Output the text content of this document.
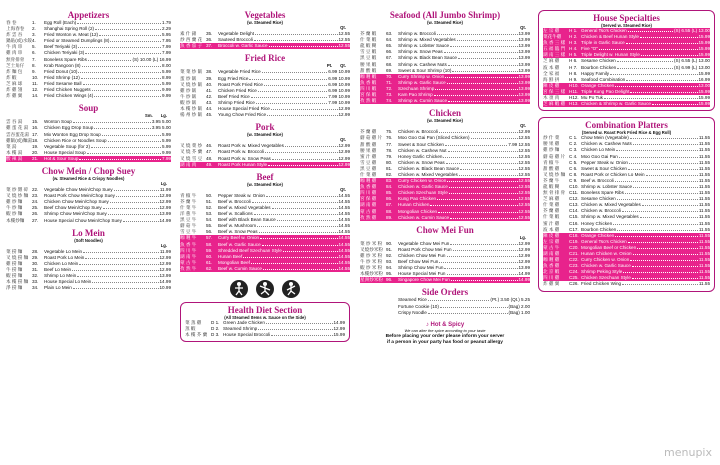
Appetizers
春 卷	1.	Egg Roll (Each)	1.79
上海春卷	2.	Shanghai Spring Roll (2)	2.29
炸 雲 吞	3.	Fried Wonton w. Meat (12)	5.95
鍋貼(或)水餃 4.	Fried or Steamed Dumplings (8)	7.95
牛 肉 串	5.	Beef Teriyaki (3)	7.99
雞 肉 串	6.	Chicken Teriyaki (3)	7.99
無骨排骨	7.	Boneless Spare Ribs	(S) 10.00 (L) 16.99
芝士角仔	8.	Krab Rangoon (8)	8.00
炸 麵 包	9.	Fried Donut (10)	5.99
炸 蝦	10.	Fried Shrimp (12)	8.99
芝 麻 球	11.	Fried Sesame Ball	5.99
炸 雞 翅	12.	Fried Chicken Nuggets	9.99
炸 雞 翼	14.	Fried Chicken Wings (4)	9.99
Soup
Sm. Lg.
雲 吞 湯	15.	Wonton Soup	3.95 5.00
雞 蛋 花 湯 16.	Chicken Egg Drop Soup	3.95 5.00
雲吞蛋花湯 17.	Mix Wonton Egg Drop Soup	5.99
雞飯(或)麵湯 18.	Chicken Rice or Noodles Soup	5.99
菜 湯	19.	Vegetable Soup (for 2)	5.99
本 樓 湯	20.	House Special Soup	9.99
酸 辣 湯	21.	Hot & Sour Soup	7.99
Chow Mein / Chop Suey
(w. Steamed Rice & Crispy Noodles)
Lg.
菜 炒 雜 碎 22.	Vegetable Chow Mein/Chop Suey	11.99
叉 燒 炒 麵 23.	Roast Pork Chow Mein/Chop Suey	12.99
雞 炒 麵	24.	Chicken Chow Mein/Chop Suey	12.99
牛 炒 麵	25.	Beef Chow Mein/Chop Suey	12.99
蝦 炒 麵	26.	Shrimp Chow Mein/Chop Suey	13.99
本樓炒麵	27.	House Special Chow Mein/Chop Suey	14.99
Lo Mein
(Soft Noodles)
Lg.
菜 撈 麵	28.	Vegetable Lo Mein	11.99
叉 燒 撈 麵 29.	Roast Pork Lo Mein	12.99
雞 撈 麵	30.	Chicken Lo Mein	12.99
牛 撈 麵	31.	Beef Lo Mein	12.99
蝦 撈 麵	32.	Shrimp Lo Mein	13.99
本 樓 撈 麵 33.	House Special Lo Mein	14.99
淨 撈 麵	34.	Plain Lo Mein	10.99
Vegetables
(w. Steamed Rice)
Qt.
素 什 錦	35.	Vegetable Delight	12.55
炒 西 蘭 花 36.	Sauteed Broccoli	12.55
魚 香 茄 子 37.	Broccoli w. Garlic Sauce	12.55
Fried Rice
Pt. Qt.
菜 菜 炒 飯 38.	Vegetable Fried Rice	6.99 10.99
蛋 炒 飯	39.	Egg Fried Rice	6.99 10.99
叉 燒 炒 飯 40.	Roast Pork Fried Rice	6.99 10.99
雞 炒 飯	41.	Chicken Fried Rice	6.99 10.99
牛 炒 飯	42.	Beef Fried Rice	7.99 10.99
蝦 炒 飯	43.	Shrimp Fried Rice	7.99 10.99
本 樓 炒 飯 44.	House Special Fried Rice	12.99
楊 州 炒 飯 45.	Young Chow Fried Rice	12.99
Pork
(w. Steamed Rice)
Qt.
叉 燒 菜 炒 46.	Roast Pork w. Mixed Vegetables	12.99
叉 燒 芥 蘭 47.	Roast Pork w. Broccoli	12.99
叉 燒 雪 豆 48.	Roast Pork w. Snow Peas	12.99
湖 南 肉	49.	Roast Pork Hunan Style	12.99
Beef
(w. Steamed Rice)
Qt.
青 椒 牛	50.	Pepper Steak w. Onion	14.55
芥 蘭 牛	51.	Beef w. Broccoli	14.55
什 菜 牛	52.	Beef w. Mixed Vegetables	14.55
洋 蔥 牛	53.	Beef w. Scallions	14.55
黑 豆 牛	54.	Beef with Black Bean Sauce	14.55
蘑 菇 牛	55.	Beef w. Mushroom	14.55
雪 豆 牛	56.	Beef w. Snow Peas	14.55
咖 喱 牛	57.	Curry Beef w. Onion	14.55
魚 香 牛	58.	Beef w. Garlic Sauce	14.55
四 川 牛	59.	Shredded Beef Szechuan Style	14.55
湖 南 牛	60.	Hunan Beef	14.55
蒙 古 牛	61.	Mongolian Beef	14.55
孜 然 牛	62.	Beef w. Cumin Sauce	14.55
Health Diet Section
(All Steamed Items w. Sauce on the Side)
菜 蒸 雞	D 1. Green Jade Chicken	14.99
蒸 蝦	D 2. Steamed Shrimp	12.99
本 樓 芥 蘭 D 3. House Special Broccoli	15.99
Seafood (All Jumbo Shrimp)
(w. Steamed Rice)
Qt.
芥 蘭 蝦	63.	Shrimp w. Broccoli	13.99
什 菜 蝦	64.	Shrimp w. Mixed Vegetables	13.99
龍 蝦 糊	65.	Shrimp w. Lobster Sauce	13.99
雪 豆 蝦	66.	Shrimp w. Snow Peas	13.99
黑 豆 蝦	67.	Shrimp w. Black Bean Sauce	13.99
腰 果 蝦	68.	Shrimp w. Cashew Nuts	13.99
甜 酸 蝦	69.	Sweet & Sour Shrimp (10)	13.99
咖 喱 蝦	70.	Curry Shrimp w. Onion	13.99
魚 香 蝦	71.	Shrimp w. Garlic Sauce	13.99
四 川 蝦	72.	Szechuan Shrimp	13.99
宮 保 蝦	73.	Kam Pao Shrimp	13.99
孜 然 蝦	74.	Shrimp w. Cumin Sauce	13.99
Chicken
(w. Steamed Rice)
Qt.
芥 蘭 雞	75.	Chicken w. Broccoli	12.99
蘑 菇 雞 片 76.	Moo Goo Gai Pan (Sliced Chicken)	12.55
甜 酸 雞	77.	Sweet & Sour Chicken	7.99 12.55
腰 果 雞	78.	Chicken w. Cashew Nut	12.55
蜜 汁 雞	79.	Honey Garlic Chicken	12.55
雪 豆 雞	80.	Chicken w. Snow Peas	12.55
黑 豆 雞	81.	Chicken w. Black Bean Sauce	12.55
什 菜 雞	82.	Chicken w. Mixed Vegetables	12.55
咖 喱 雞	83.	Curry Chicken w. Onion	12.55
魚 香 雞	84.	Chicken w. Garlic Sauce	12.55
四 川 雞	85.	Chicken Szechuan Style	12.55
宮 保 雞	86.	Kung Pao Chicken	12.55
湖 南 雞	87.	Hunan Chicken	12.55
蒙 古 雞	88.	Mongolian Chicken	12.55
孜 然 雞	89.	Chicken w. Cumin Sauce	12.55
Chow Mei Fun
Lg.
菜 炒 米 粉 90.	Vegetable Chow Mei Fun	12.99
叉燒炒米粉 91.	Roast Pork Chow Mei Fun	12.99
雞 炒 米 粉 92.	Chicken Chow Mei Fun	12.99
牛 炒 米 粉 93.	Beef Chow Mei Fun	12.99
蝦 炒 米 粉 94.	Shrimp Chow Mei Fun	13.99
本樓炒米粉 95.	House Special Mei Fun	14.99
星洲炒米粉 96.	Singapore Chow Mei Fun	14.99
Side Orders
Steamed Rice	(Pt.) 3.50 (Qt.) 5.25
Fortune Cookie (10)	(Bag) 2.00
Crispy Noodle	(Bag) 1.00
♪ Hot & Spicy
We can alter the spice according to your taste
Before placing your order please inform your server
if a person in your party has food or peanut allergy
House Specialties
(Served w. Steamed Rice)
左 宗 雞	H 1. General Tso's Chicken	(S) 6.55 (L) 13.00
菜花牛雞	H 2. Chicken & Beef Hunan Style	15.99
魚 香 三 樣 H 3. Triple in Garlic Sauce	15.99
五 福 臨 門 H 4. Five "O"	15.99
湖 南 三 樣 H 5. Triple Delight w. Hunan Style	15.99
芝 麻 雞	H 6. Sesame Chicken	(S) 6.55 (L) 13.00
波 本 雞	H 7. Bourbon Chicken	(S) 6.99 (L) 13.00
全 家 福	H 8. Happy Family	15.99
海 鮮 拼	H 9. Seafood Combination	16.99
陳 皮 雞	H10. Orange Chicken	13.00
宮 保 三 樣 H11. Triple Kung Pao Delight	15.99
木 須 肉	H12. Mu Po Tuk	15.99
芝 麻 蝦 雞 H13. Chicken & Shrimp w. Garlic Sauce	15.99
Combination Platters
(Served w. Roast Pork Fried Rice & Egg Roll)
炒 什 菜	C 1. Chow Mein (Vegetable)	11.55
腰 果 雞	C 2. Chicken w. Cashew Nuts	11.55
雞 炒 麵	C 3. Chicken Lo Mein	11.55
蘑 菇 雞 片 C 4. Moo Goo Gai Pan	11.55
青 椒 牛	C 5. Pepper Steak w. Onion	11.55
甜 酸 雞	C 6. Sweet & Sour Chicken	11.55
叉 燒 炒 麵 C 8. Roast Pork or Chicken Lo Mein	11.55
芥 蘭 牛	C 9. Beef w. Broccoli	11.55
龍 蝦 糊	C10. Shrimp w. Lobster Sauce	11.55
無 骨 排 骨 C11. Boneless Spare Ribs	11.55
芝 麻 雞	C12. Sesame Chicken	11.55
什 菜 雞	C13. Chicken w. Mixed Vegetables	11.55
芥 蘭 雞	C14. Chicken w. Broccoli	11.55
什 菜 蝦	C15. Shrimp w. Mixed Vegetables	11.55
蜜 汁 雞	C16. Honey Chicken	11.55
波 本 雞	C17. Bourbon Chicken	11.55
陳 皮 雞	C18. Orange Chicken	11.55
左 宗 雞	C19. General Tso's Chicken	11.55
蒙 古 牛	C20. Mongolian Beef or Chicken	11.55
湖 南 雞	C21. Hunan Chicken w. Onion	11.55
咖 喱 雞	C22. Curry Chicken w. Onion	11.55
魚 香 雞	C23. Chicken w. Garlic Sauce	11.55
北 京 蝦	C24. Shrimp Peking Style	11.55
四 川 雞	C25. Chicken Szechuan Style	11.55
炸 雞 翼	C26. Fried Chicken Wing	11.55
menupix
